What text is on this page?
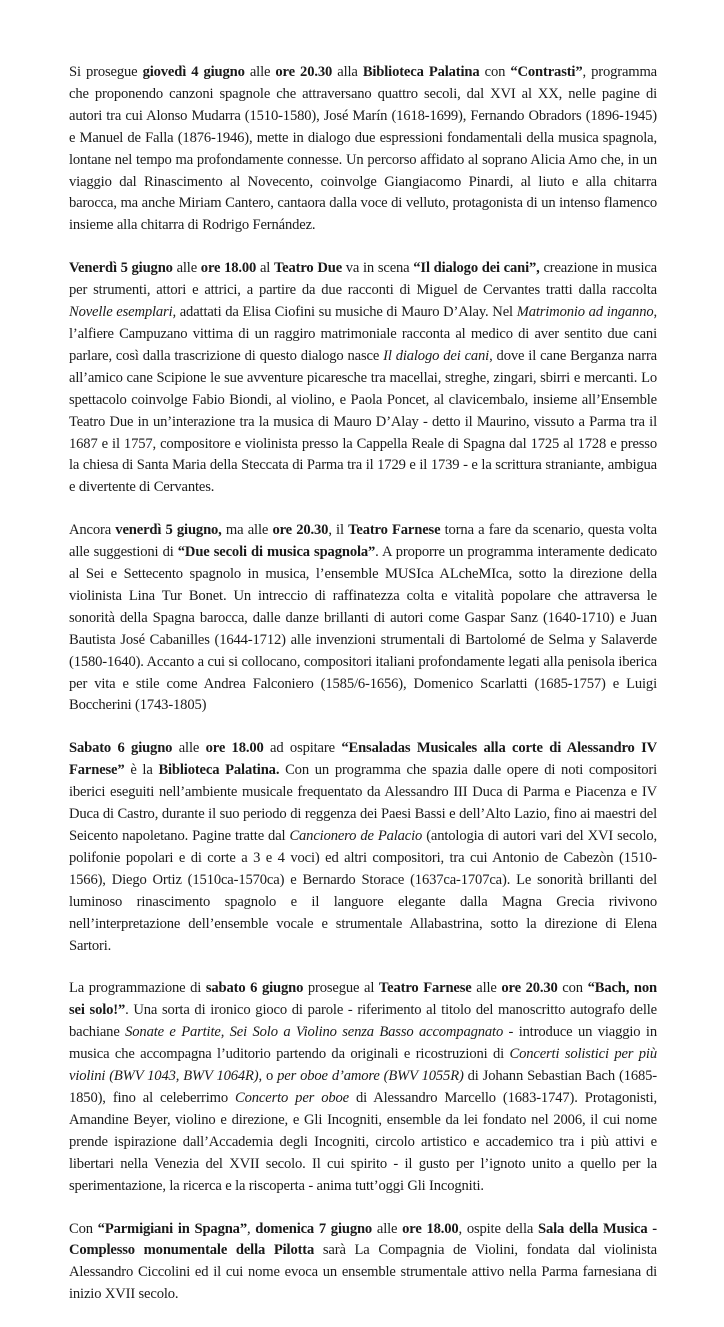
Si prosegue giovedì 4 giugno alle ore 20.30 alla Biblioteca Palatina con “Contrasti”, programma che proponendo canzoni spagnole che attraversano quattro secoli, dal XVI al XX, nelle pagine di autori tra cui Alonso Mudarra (1510-1580), José Marín (1618-1699), Fernando Obradors (1896-1945) e Manuel de Falla (1876-1946), mette in dialogo due espressioni fondamentali della musica spagnola, lontane nel tempo ma profondamente connesse. Un percorso affidato al soprano Alicia Amo che, in un viaggio dal Rinascimento al Novecento, coinvolge Giangiacomo Pinardi, al liuto e alla chitarra barocca, ma anche Miriam Cantero, cantaora dalla voce di velluto, protagonista di un intenso flamenco insieme alla chitarra di Rodrigo Fernández.

Venerdì 5 giugno alle ore 18.00 al Teatro Due va in scena “Il dialogo dei cani”, creazione in musica per strumenti, attori e attrici, a partire da due racconti di Miguel de Cervantes tratti dalla raccolta Novelle esemplari, adattati da Elisa Ciofini su musiche di Mauro D’Alay. Nel Matrimonio ad inganno, l’alfiere Campuzano vittima di un raggiro matrimoniale racconta al medico di aver sentito due cani parlare, così dalla trascrizione di questo dialogo nasce Il dialogo dei cani, dove il cane Berganza narra all’amico cane Scipione le sue avventure picaresche tra macellai, streghe, zingari, sbirri e mercanti. Lo spettacolo coinvolge Fabio Biondi, al violino, e Paola Poncet, al clavicembalo, insieme all’Ensemble Teatro Due in un’interazione tra la musica di Mauro D’Alay - detto il Maurino, vissuto a Parma tra il 1687 e il 1757, compositore e violinista presso la Cappella Reale di Spagna dal 1725 al 1728 e presso la chiesa di Santa Maria della Steccata di Parma tra il 1729 e il 1739 - e la scrittura straniante, ambigua e divertente di Cervantes.

Ancora venerdì 5 giugno, ma alle ore 20.30, il Teatro Farnese torna a fare da scenario, questa volta alle suggestioni di “Due secoli di musica spagnola”. A proporre un programma interamente dedicato al Sei e Settecento spagnolo in musica, l’ensemble MUSIca ALcheMIca, sotto la direzione della violinista Lina Tur Bonet. Un intreccio di raffinatezza colta e vitalità popolare che attraversa le sonorità della Spagna barocca, dalle danze brillanti di autori come Gaspar Sanz (1640-1710) e Juan Bautista José Cabanilles (1644-1712) alle invenzioni strumentali di Bartolomé de Selma y Salaverde (1580-1640). Accanto a cui si collocano, compositori italiani profondamente legati alla penisola iberica per vita e stile come Andrea Falconiero (1585/6-1656), Domenico Scarlatti (1685-1757) e Luigi Boccherini (1743-1805)

Sabato 6 giugno alle ore 18.00 ad ospitare “Ensaladas Musicales alla corte di Alessandro IV Farnese” è la Biblioteca Palatina. Con un programma che spazia dalle opere di noti compositori iberici eseguiti nell’ambiente musicale frequentato da Alessandro III Duca di Parma e Piacenza e IV Duca di Castro, durante il suo periodo di reggenza dei Paesi Bassi e dell’Alto Lazio, fino ai maestri del Seicento napoletano. Pagine tratte dal Cancionero de Palacio (antologia di autori vari del XVI secolo, polifonie popolari e di corte a 3 e 4 voci) ed altri compositori, tra cui Antonio de Cabezòn (1510-1566), Diego Ortiz (1510ca-1570ca) e Bernardo Storace (1637ca-1707ca). Le sonorità brillanti del luminoso rinascimento spagnolo e il languore elegante dalla Magna Grecia rivivono nell’interpretazione dell’ensemble vocale e strumentale Allabastrina, sotto la direzione di Elena Sartori.

La programmazione di sabato 6 giugno prosegue al Teatro Farnese alle ore 20.30 con “Bach, non sei solo!”. Una sorta di ironico gioco di parole - riferimento al titolo del manoscritto autografo delle bachiane Sonate e Partite, Sei Solo a Violino senza Basso accompagnato - introduce un viaggio in musica che accompagna l’uditorio partendo da originali e ricostruzioni di Concerti solistici per più violini (BWV 1043, BWV 1064R), o per oboe d’amore (BWV 1055R) di Johann Sebastian Bach (1685-1850), fino al celeberrimo Concerto per oboe di Alessandro Marcello (1683-1747). Protagonisti, Amandine Beyer, violino e direzione, e Gli Incogniti, ensemble da lei fondato nel 2006, il cui nome prende ispirazione dall’Accademia degli Incogniti, circolo artistico e accademico tra i più attivi e libertari nella Venezia del XVII secolo. Il cui spirito - il gusto per l’ignoto unito a quello per la sperimentazione, la ricerca e la riscoperta - anima tutt’oggi Gli Incogniti.

Con “Parmigiani in Spagna”, domenica 7 giugno alle ore 18.00, ospite della Sala della Musica - Complesso monumentale della Pilotta sarà La Compagnia de Violini, fondata dal violinista Alessandro Ciccolini ed il cui nome evoca un ensemble strumentale attivo nella Parma farnesiana di inizio XVII secolo.
